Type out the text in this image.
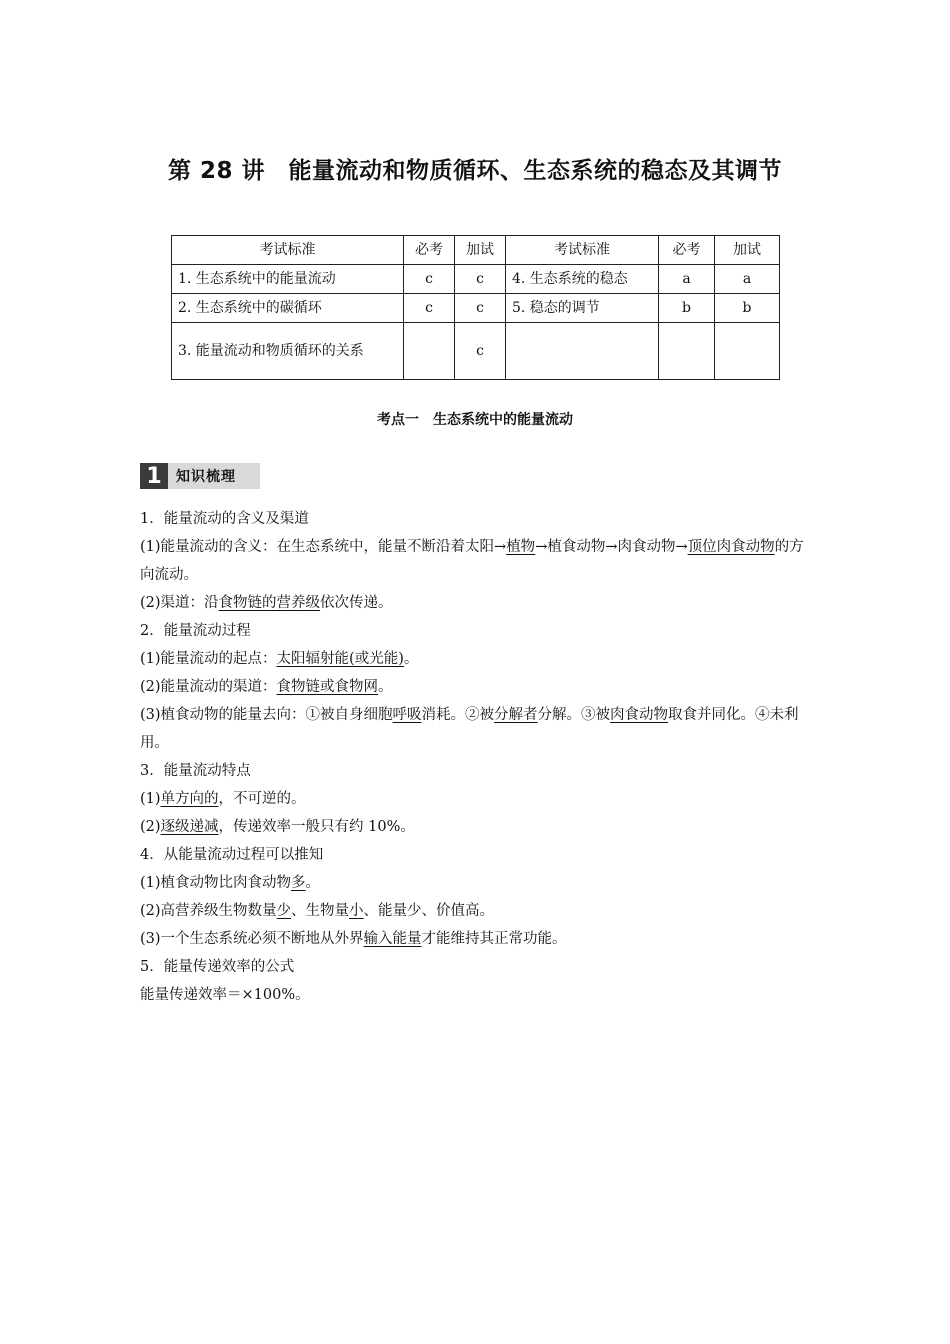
第 28 讲　能量流动和物质循环、生态系统的稳态及其调节
考试标准	必考	加试	考试标准	必考	加试
1. 生态系统中的能量流动	c	c	4. 生态系统的稳态	a	a
2. 生态系统中的碳循环	c	c	5. 稳态的调节	b	b
3. 能量流动和物质循环的关系		c			
考点一　生态系统中的能量流动
1	知识梳理

1．能量流动的含义及渠道

(1)能量流动的含义：在生态系统中，能量不断沿着太阳→植物→植食动物→肉食动物→顶位肉食动物的方向流动。

(2)渠道：沿食物链的营养级依次传递。

2．能量流动过程

(1)能量流动的起点：太阳辐射能(或光能)。

(2)能量流动的渠道：食物链或食物网。

(3)植食动物的能量去向：①被自身细胞呼吸消耗。②被分解者分解。③被肉食动物取食并同化。④未利用。

3．能量流动特点

(1)单方向的，不可逆的。

(2)逐级递减，传递效率一般只有约 10%。

4．从能量流动过程可以推知

(1)植食动物比肉食动物多。

(2)高营养级生物数量少、生物量小、能量少、价值高。

(3)一个生态系统必须不断地从外界输入能量才能维持其正常功能。

5．能量传递效率的公式

能量传递效率＝×100%。
